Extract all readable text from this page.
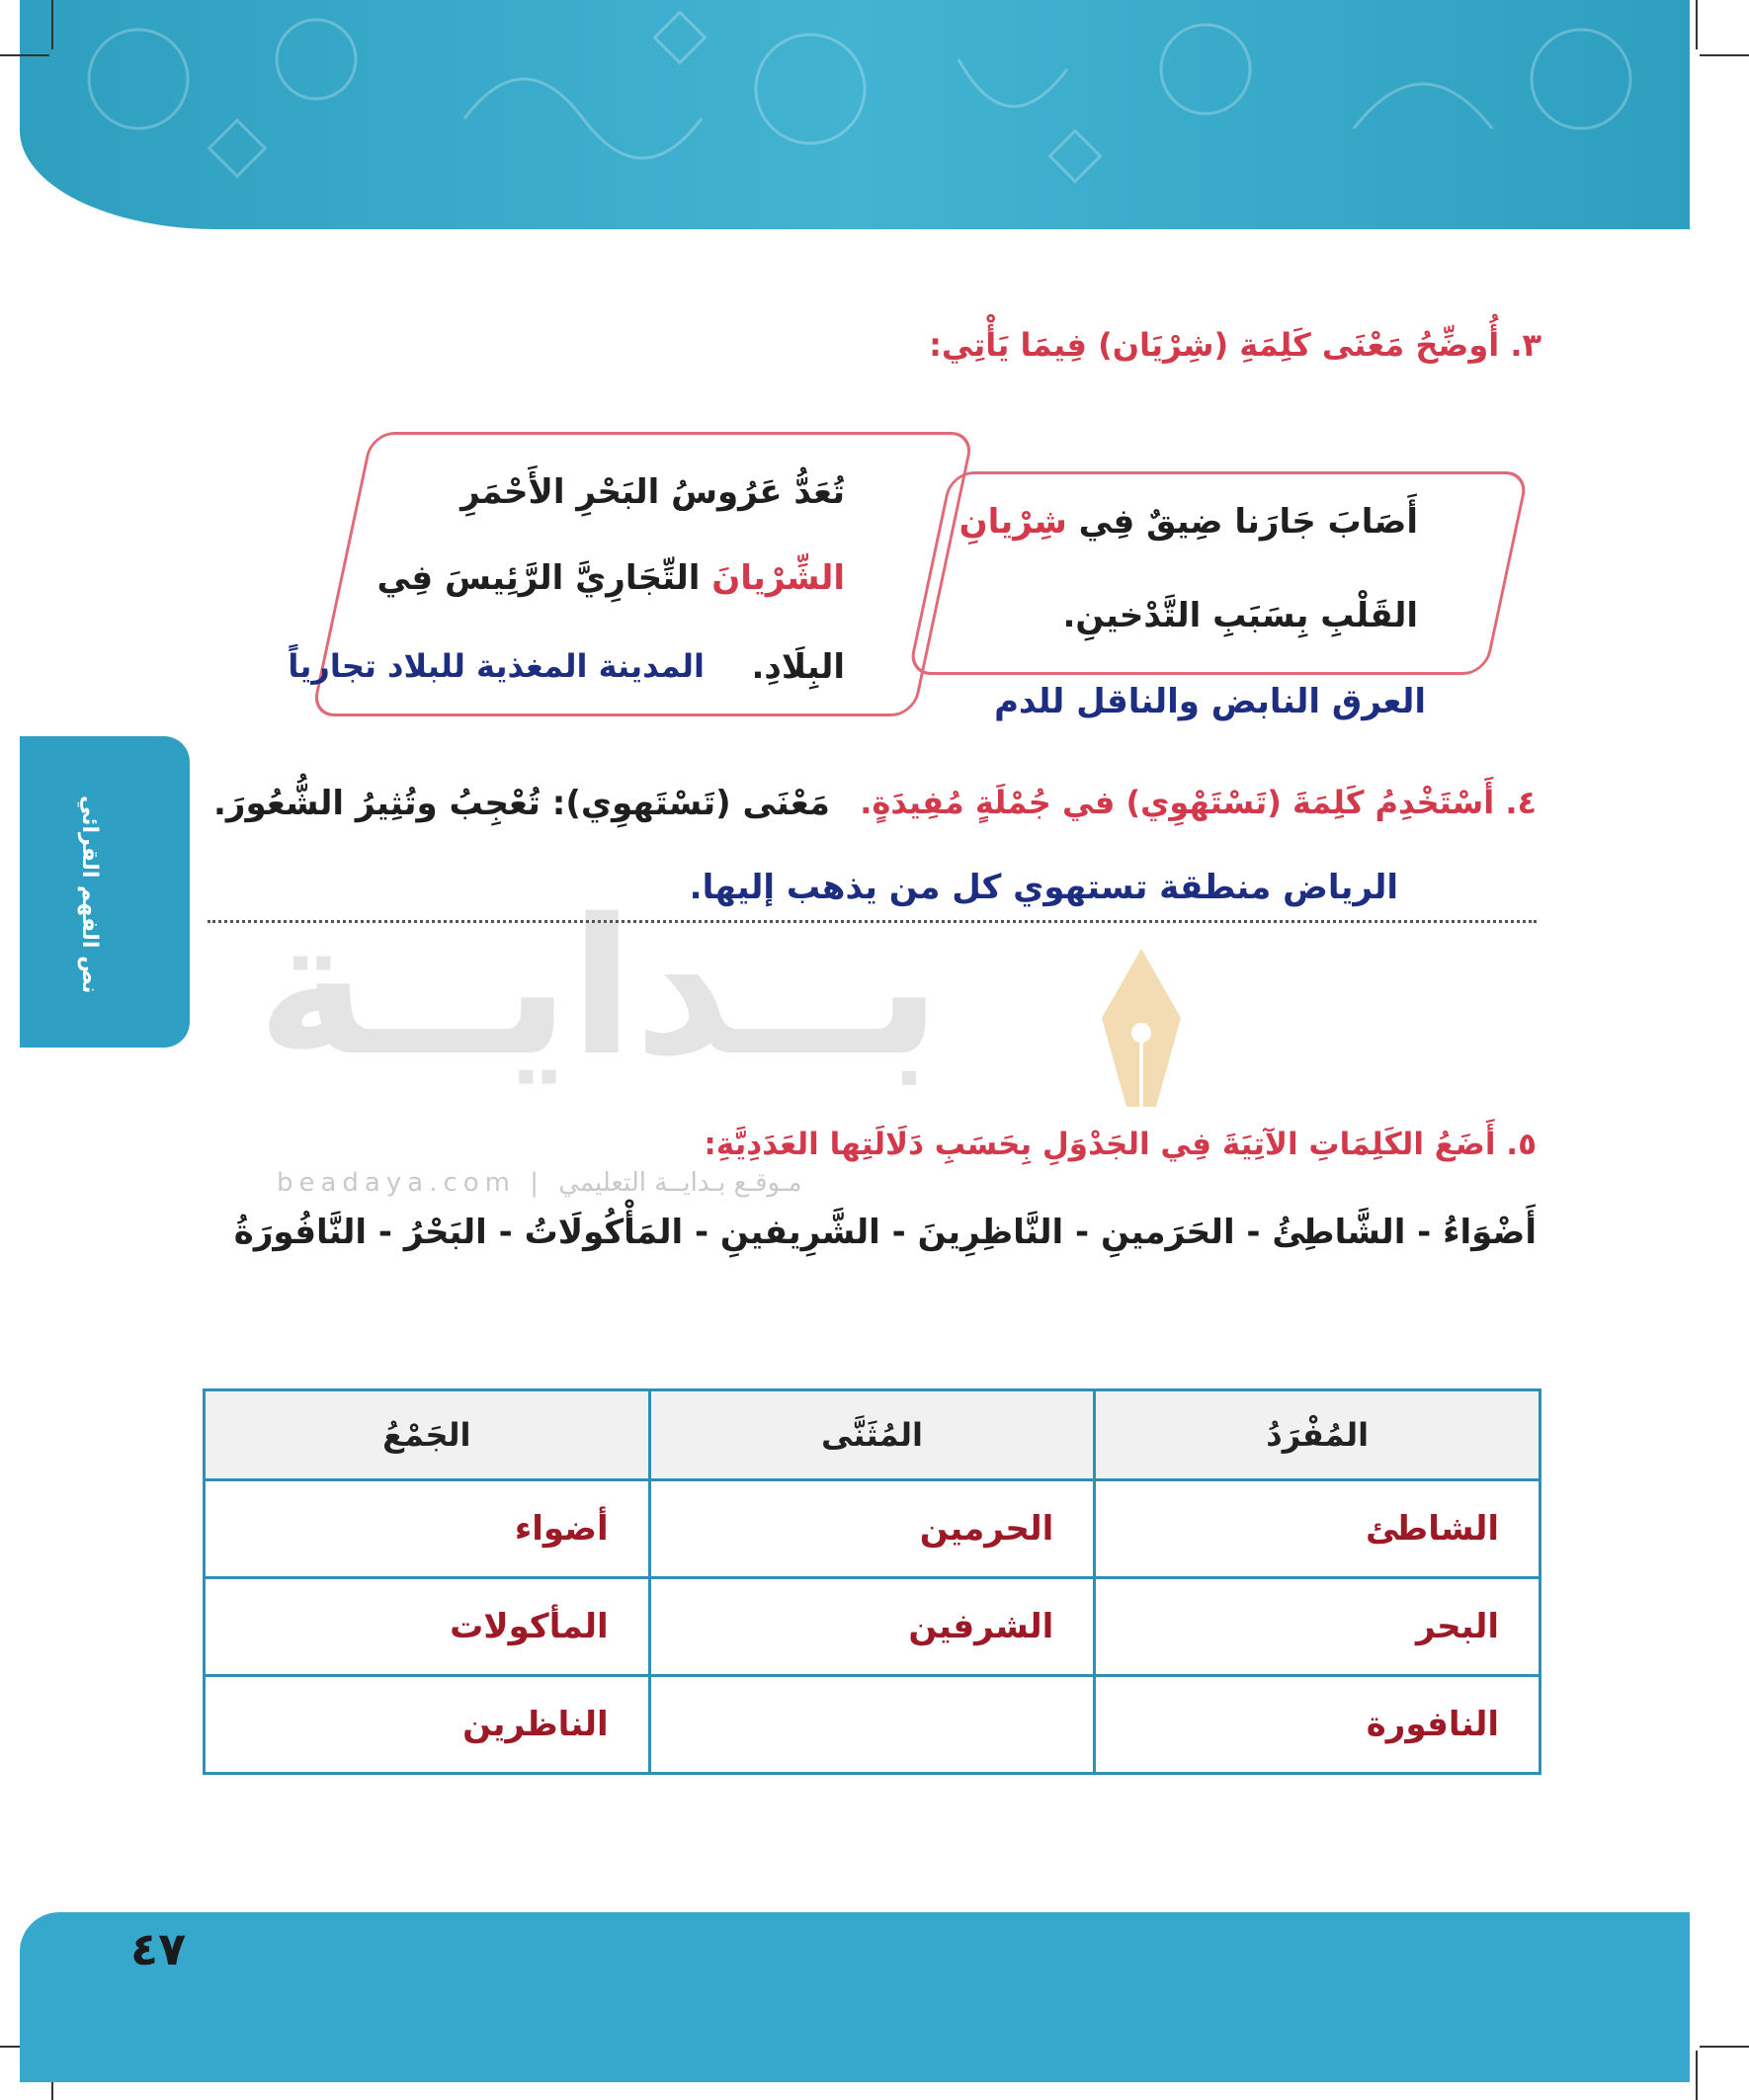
نص الفهم القرائي بــدايــة
beadaya.com | مـوقـع بـدايــة التعليمي
٣. أُوضِّحُ مَعْنَى كَلِمَةِ (شِرْيَان) فِيمَا يَأْتِي:
تُعَدُّ عَرُوسُ البَحْرِ الأَحْمَرِ
الشِّرْيانَ التِّجَارِيَّ الرَّئِيسَ فِي
البِلَادِ.
المدينة المغذية للبلاد تجارياً
أَصَابَ جَارَنا ضِيقٌ فِي شِرْيانِ
القَلْبِ بِسَبَبِ التَّدْخينِ.
العرق النابض والناقل للدم
٤. أَسْتَخْدِمُ كَلِمَةَ (تَسْتَهْوِي) في جُمْلَةٍ مُفِيدَةٍ.
مَعْنَى (تَسْتَهوِي): تُعْجِبُ وتُثِيرُ الشُّعُورَ.
الرياض منطقة تستهوي كل من يذهب إليها.
٥. أَضَعُ الكَلِمَاتِ الآتِيَةَ فِي الجَدْوَلِ بِحَسَبِ دَلَالَتِها العَدَدِيَّةِ:
أَضْوَاءُ - الشَّاطِئُ - الحَرَمينِ - النَّاظِرِينَ - الشَّرِيفينِ - المَأْكُولَاتُ - البَحْرُ - النَّافُورَةُ
المُفْرَدُ	المُثَنَّى	الجَمْعُ
الشاطئ	الحرمين	أضواء
البحر	الشرفين	المأكولات
النافورة		الناظرين
٤٧
